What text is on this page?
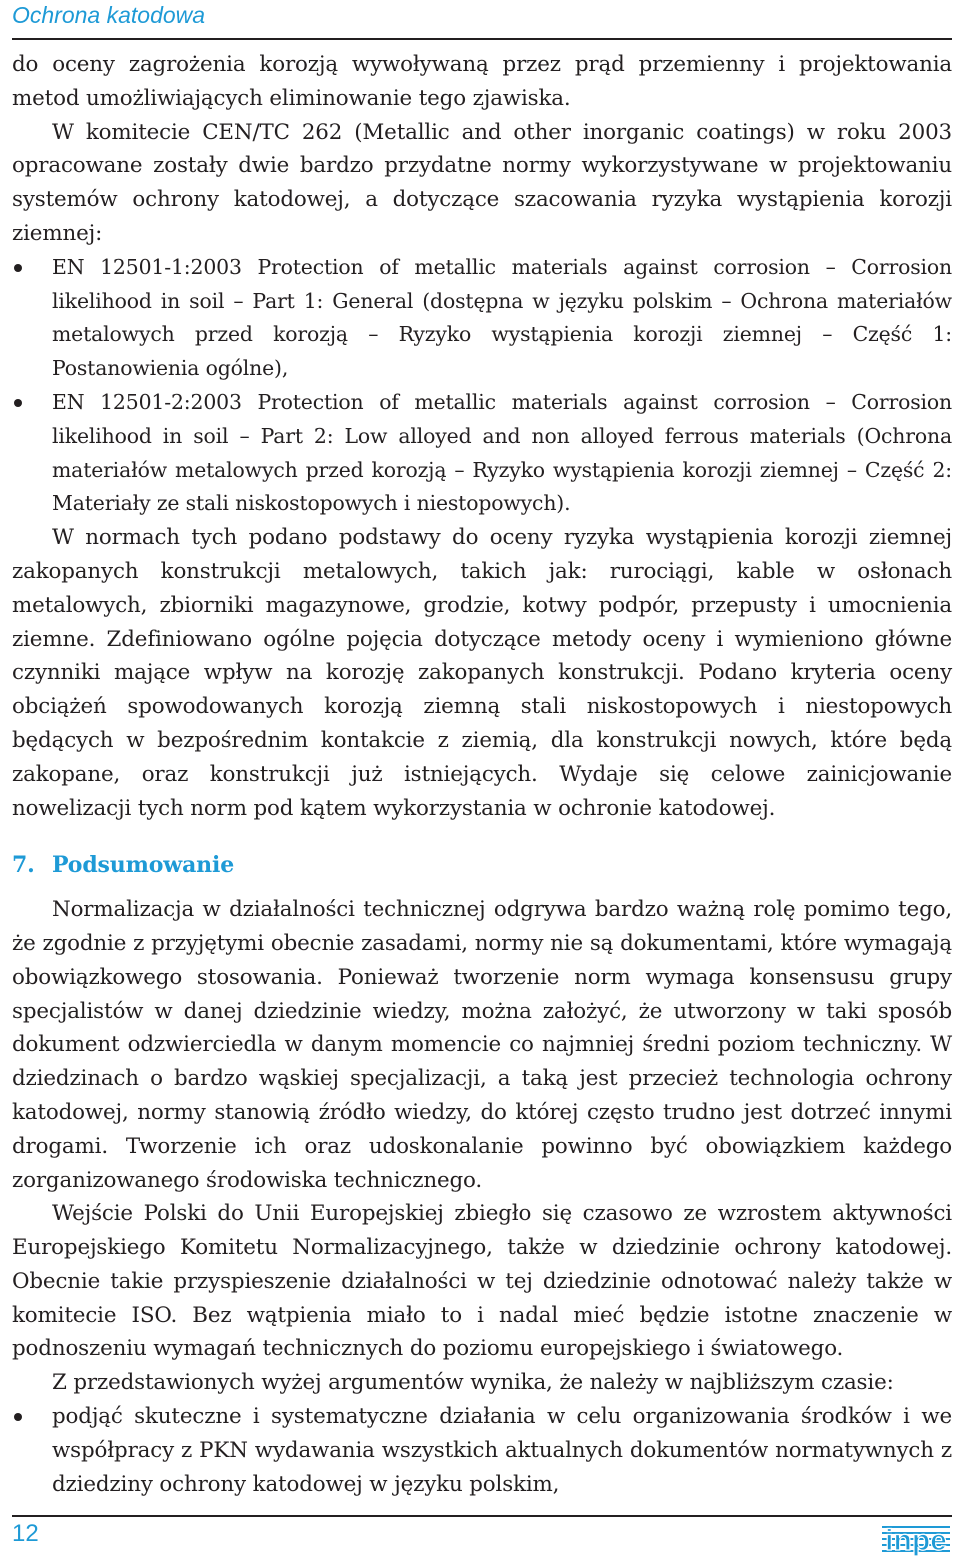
Ochrona katodowa

do oceny zagrożenia korozją wywoływaną przez prąd przemienny i projektowania metod umożliwiających eliminowanie tego zjawiska.

W komitecie CEN/TC 262 (Metallic and other inorganic coatings) w roku 2003 opracowane zostały dwie bardzo przydatne normy wykorzystywane w projektowaniu systemów ochrony katodowej, a dotyczące szacowania ryzyka wystąpienia korozji ziemnej:

EN 12501-1:2003 Protection of metallic materials against corrosion – Corrosion likelihood in soil – Part 1: General (dostępna w języku polskim – Ochrona materiałów metalowych przed korozją – Ryzyko wystąpienia korozji ziemnej – Część 1: Postanowienia ogólne),
EN 12501-2:2003 Protection of metallic materials against corrosion – Corrosion likelihood in soil – Part 2: Low alloyed and non alloyed ferrous materials (Ochrona materiałów metalowych przed korozją – Ryzyko wystąpienia korozji ziemnej – Część 2: Materiały ze stali niskostopowych i niestopowych).

W normach tych podano podstawy do oceny ryzyka wystąpienia korozji ziemnej zakopanych konstrukcji metalowych, takich jak: rurociągi, kable w osłonach metalowych, zbiorniki magazynowe, grodzie, kotwy podpór, przepusty i umocnienia ziemne. Zdefiniowano ogólne pojęcia dotyczące metody oceny i wymieniono główne czynniki mające wpływ na korozję zakopanych konstrukcji. Podano kryteria oceny obciążeń spowodowanych korozją ziemną stali niskostopowych i niestopowych będących w bezpośrednim kontakcie z ziemią, dla konstrukcji nowych, które będą zakopane, oraz konstrukcji już istniejących. Wydaje się celowe zainicjowanie nowelizacji tych norm pod kątem wykorzystania w ochronie katodowej.

7. Podsumowanie

Normalizacja w działalności technicznej odgrywa bardzo ważną rolę pomimo tego, że zgodnie z przyjętymi obecnie zasadami, normy nie są dokumentami, które wymagają obowiązkowego stosowania. Ponieważ tworzenie norm wymaga konsensusu grupy specjalistów w danej dziedzinie wiedzy, można założyć, że utworzony w taki sposób dokument odzwierciedla w danym momencie co najmniej średni poziom techniczny. W dziedzinach o bardzo wąskiej specjalizacji, a taką jest przecież technologia ochrony katodowej, normy stanowią źródło wiedzy, do której często trudno jest dotrzeć innymi drogami. Tworzenie ich oraz udoskonalanie powinno być obowiązkiem każdego zorganizowanego środowiska technicznego.

Wejście Polski do Unii Europejskiej zbiegło się czasowo ze wzrostem aktywności Europejskiego Komitetu Normalizacyjnego, także w dziedzinie ochrony katodowej. Obecnie takie przyspieszenie działalności w tej dziedzinie odnotować należy także w komitecie ISO. Bez wątpienia miało to i nadal mieć będzie istotne znaczenie w podnoszeniu wymagań technicznych do poziomu europejskiego i światowego.

Z przedstawionych wyżej argumentów wynika, że należy w najbliższym czasie:

podjąć skuteczne i systematyczne działania w celu organizowania środków i we współpracy z PKN wydawania wszystkich aktualnych dokumentów normatywnych z dziedziny ochrony katodowej w języku polskim,
12	inpe
